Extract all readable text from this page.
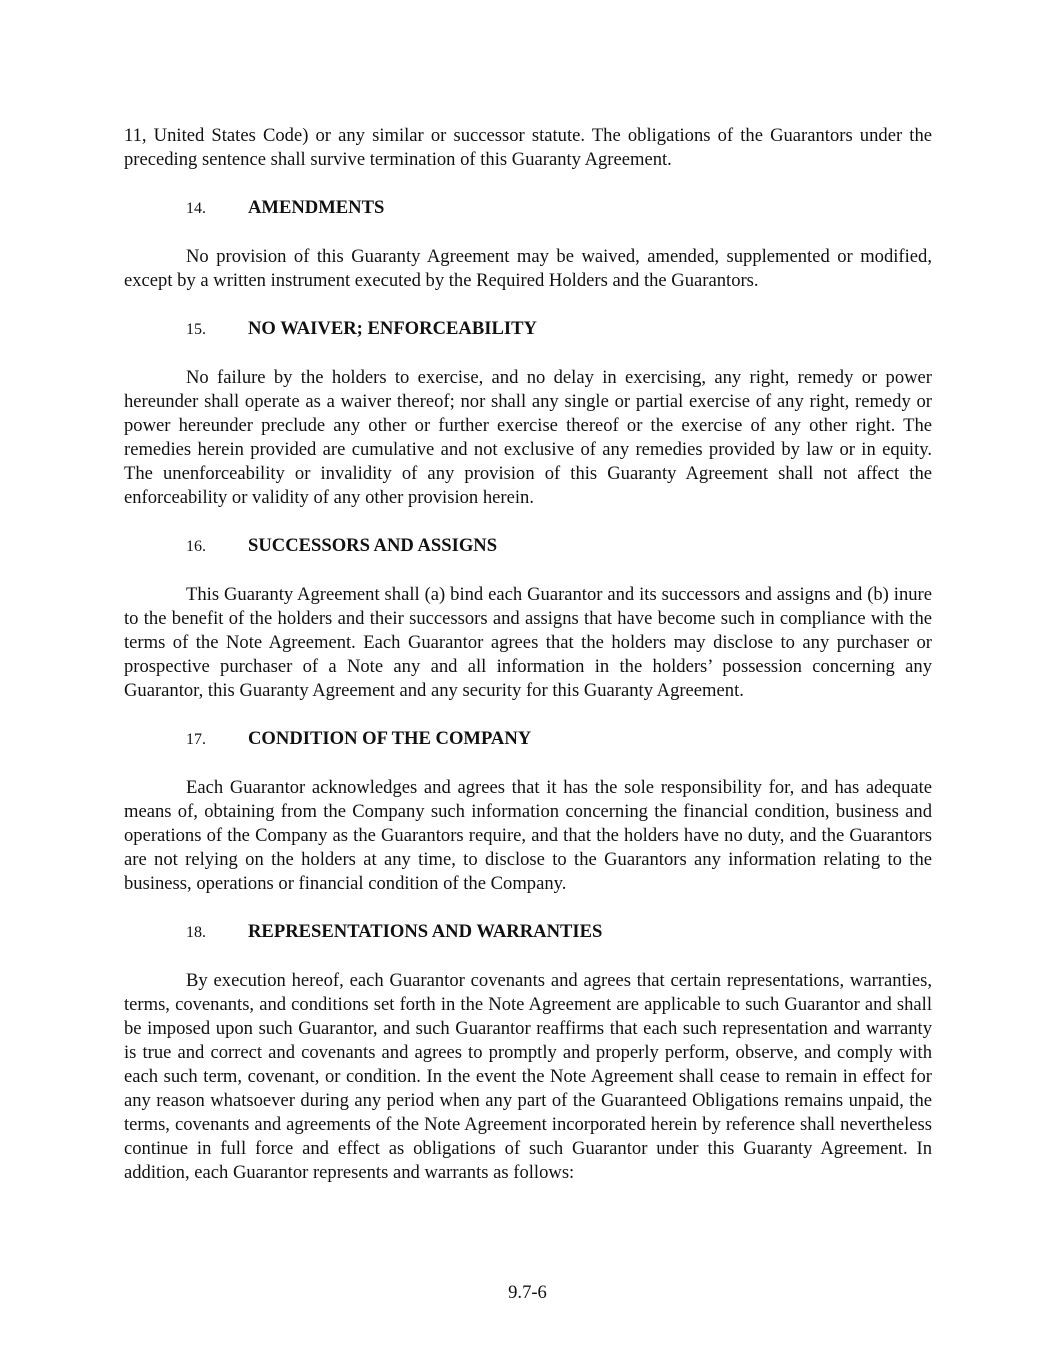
11, United States Code) or any similar or successor statute. The obligations of the Guarantors under the preceding sentence shall survive termination of this Guaranty Agreement.

14. AMENDMENTS

No provision of this Guaranty Agreement may be waived, amended, supplemented or modified, except by a written instrument executed by the Required Holders and the Guarantors.

15. NO WAIVER; ENFORCEABILITY

No failure by the holders to exercise, and no delay in exercising, any right, remedy or power hereunder shall operate as a waiver thereof; nor shall any single or partial exercise of any right, remedy or power hereunder preclude any other or further exercise thereof or the exercise of any other right. The remedies herein provided are cumulative and not exclusive of any remedies provided by law or in equity. The unenforceability or invalidity of any provision of this Guaranty Agreement shall not affect the enforceability or validity of any other provision herein.

16. SUCCESSORS AND ASSIGNS

This Guaranty Agreement shall (a) bind each Guarantor and its successors and assigns and (b) inure to the benefit of the holders and their successors and assigns that have become such in compliance with the terms of the Note Agreement. Each Guarantor agrees that the holders may disclose to any purchaser or prospective purchaser of a Note any and all information in the holders’ possession concerning any Guarantor, this Guaranty Agreement and any security for this Guaranty Agreement.

17. CONDITION OF THE COMPANY

Each Guarantor acknowledges and agrees that it has the sole responsibility for, and has adequate means of, obtaining from the Company such information concerning the financial condition, business and operations of the Company as the Guarantors require, and that the holders have no duty, and the Guarantors are not relying on the holders at any time, to disclose to the Guarantors any information relating to the business, operations or financial condition of the Company.

18. REPRESENTATIONS AND WARRANTIES

By execution hereof, each Guarantor covenants and agrees that certain representations, warranties, terms, covenants, and conditions set forth in the Note Agreement are applicable to such Guarantor and shall be imposed upon such Guarantor, and such Guarantor reaffirms that each such representation and warranty is true and correct and covenants and agrees to promptly and properly perform, observe, and comply with each such term, covenant, or condition. In the event the Note Agreement shall cease to remain in effect for any reason whatsoever during any period when any part of the Guaranteed Obligations remains unpaid, the terms, covenants and agreements of the Note Agreement incorporated herein by reference shall nevertheless continue in full force and effect as obligations of such Guarantor under this Guaranty Agreement. In addition, each Guarantor represents and warrants as follows:

9.7-6
